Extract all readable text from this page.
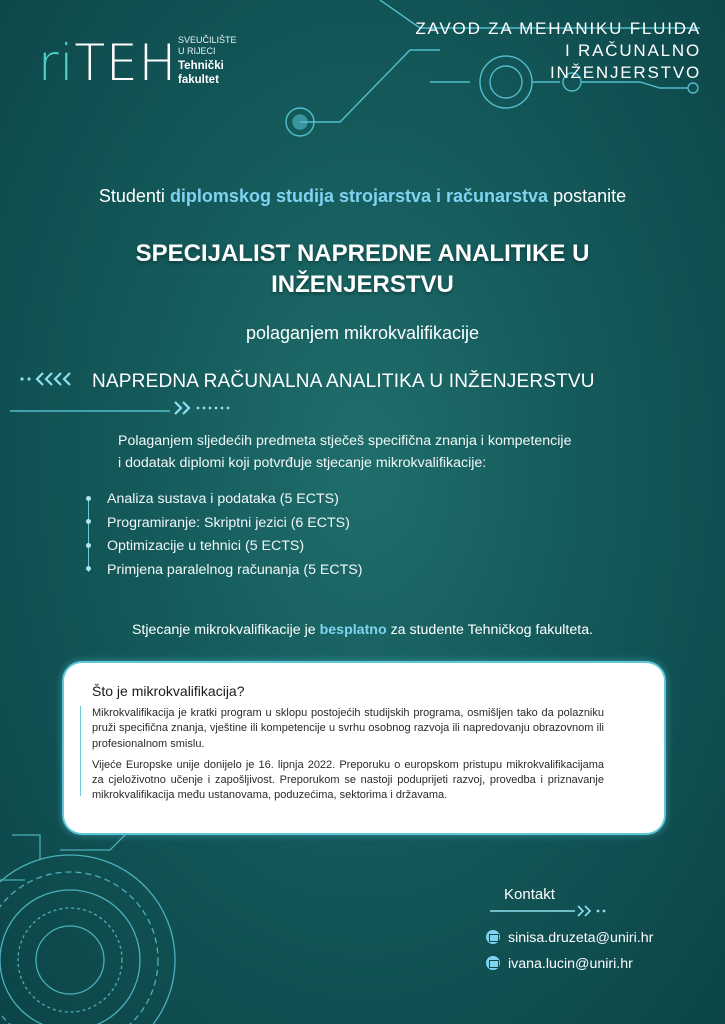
riTEH SVEUČILIŠTE
U RIJECI
Tehnički
fakultet
ZAVOD ZA MEHANIKU FLUIDA
I RAČUNALNO INŽENJERSTVO
Studenti diplomskog studija strojarstva i računarstva postanite
SPECIJALIST NAPREDNE ANALITIKE U
INŽENJERSTVU
polaganjem mikrokvalifikacije
NAPREDNA RAČUNALNA ANALITIKA U INŽENJERSTVU
Polaganjem sljedećih predmeta stječeš specifična znanja i kompetencije
i dodatak diplomi koji potvrđuje stjecanje mikrokvalifikacije:
Analiza sustava i podataka (5 ECTS)
Programiranje: Skriptni jezici (6 ECTS)
Optimizacije u tehnici (5 ECTS)
Primjena paralelnog računanja (5 ECTS)
Stjecanje mikrokvalifikacije je besplatno za studente Tehničkog fakulteta.
Što je mikrokvalifikacija?

Mikrokvalifikacija je kratki program u sklopu postojećih studijskih programa, osmišljen tako da polazniku pruži specifična znanja, vještine ili kompetencije u svrhu osobnog razvoja ili napredovanju obrazovnom ili profesionalnom smislu.

Vijeće Europske unije donijelo je 16. lipnja 2022. Preporuku o europskom pristupu mikrokvalifikacijama za cjeloživotno učenje i zapošljivost. Preporukom se nastoji poduprijeti razvoj, provedba i priznavanje mikrokvalifikacija među ustanovama, poduzećima, sektorima i državama.

Kontakt
sinisa.druzeta@uniri.hr
ivana.lucin@uniri.hr
